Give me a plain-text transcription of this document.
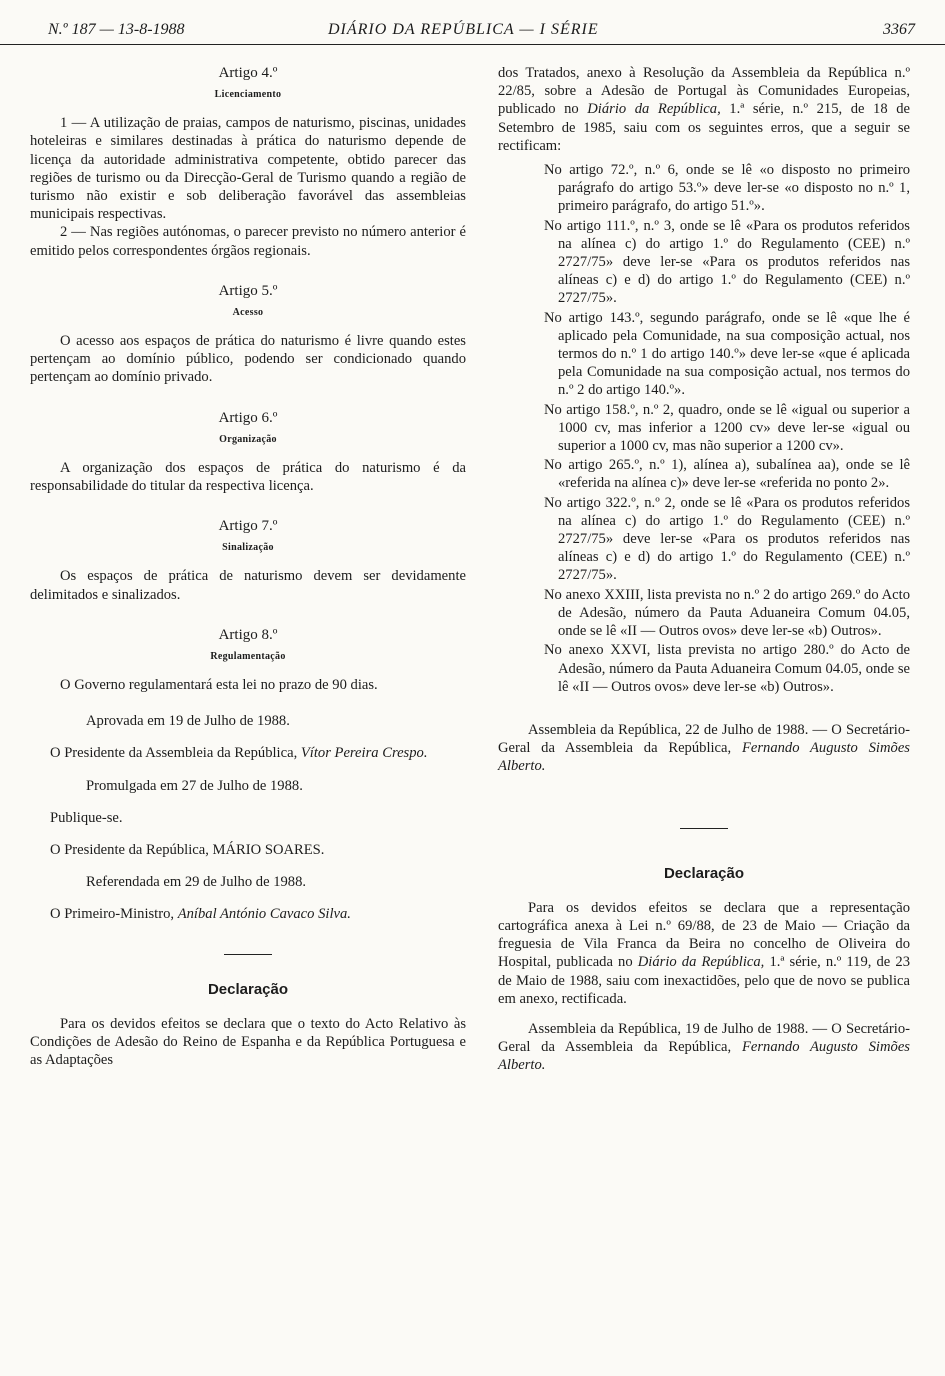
N.º 187 — 13-8-1988	DIÁRIO DA REPÚBLICA — I SÉRIE	3367
Artigo 4.º
Licenciamento

1 — A utilização de praias, campos de naturismo, piscinas, unidades hoteleiras e similares destinadas à prática do naturismo depende de licença da autoridade administrativa competente, obtido parecer das regiões de turismo ou da Direcção-Geral de Turismo quando a região de turismo não existir e sob deliberação favorável das assembleias municipais respectivas.

2 — Nas regiões autónomas, o parecer previsto no número anterior é emitido pelos correspondentes órgãos regionais.

Artigo 5.º
Acesso

O acesso aos espaços de prática do naturismo é livre quando estes pertençam ao domínio público, podendo ser condicionado quando pertençam ao domínio privado.

Artigo 6.º
Organização

A organização dos espaços de prática do naturismo é da responsabilidade do titular da respectiva licença.

Artigo 7.º
Sinalização

Os espaços de prática de naturismo devem ser devidamente delimitados e sinalizados.

Artigo 8.º
Regulamentação

O Governo regulamentará esta lei no prazo de 90 dias.

Aprovada em 19 de Julho de 1988.

O Presidente da Assembleia da República, Vítor Pereira Crespo.

Promulgada em 27 de Julho de 1988.

Publique-se.

O Presidente da República, MÁRIO SOARES.

Referendada em 29 de Julho de 1988.

O Primeiro-Ministro, Aníbal António Cavaco Silva.

Declaração

Para os devidos efeitos se declara que o texto do Acto Relativo às Condições de Adesão do Reino de Espanha e da República Portuguesa e as Adaptações

dos Tratados, anexo à Resolução da Assembleia da República n.º 22/85, sobre a Adesão de Portugal às Comunidades Europeias, publicado no Diário da República, 1.ª série, n.º 215, de 18 de Setembro de 1985, saiu com os seguintes erros, que a seguir se rectificam:

No artigo 72.º, n.º 6, onde se lê «o disposto no primeiro parágrafo do artigo 53.º» deve ler-se «o disposto no n.º 1, primeiro parágrafo, do artigo 51.º».

No artigo 111.º, n.º 3, onde se lê «Para os produtos referidos na alínea c) do artigo 1.º do Regulamento (CEE) n.º 2727/75» deve ler-se «Para os produtos referidos nas alíneas c) e d) do artigo 1.º do Regulamento (CEE) n.º 2727/75».

No artigo 143.º, segundo parágrafo, onde se lê «que lhe é aplicado pela Comunidade, na sua composição actual, nos termos do n.º 1 do artigo 140.º» deve ler-se «que é aplicada pela Comunidade na sua composição actual, nos termos do n.º 2 do artigo 140.º».

No artigo 158.º, n.º 2, quadro, onde se lê «igual ou superior a 1000 cv, mas inferior a 1200 cv» deve ler-se «igual ou superior a 1000 cv, mas não superior a 1200 cv».

No artigo 265.º, n.º 1), alínea a), subalínea aa), onde se lê «referida na alínea c)» deve ler-se «referida no ponto 2».

No artigo 322.º, n.º 2, onde se lê «Para os produtos referidos na alínea c) do artigo 1.º do Regulamento (CEE) n.º 2727/75» deve ler-se «Para os produtos referidos nas alíneas c) e d) do artigo 1.º do Regulamento (CEE) n.º 2727/75».

No anexo XXIII, lista prevista no n.º 2 do artigo 269.º do Acto de Adesão, número da Pauta Aduaneira Comum 04.05, onde se lê «II — Outros ovos» deve ler-se «b) Outros».

No anexo XXVI, lista prevista no artigo 280.º do Acto de Adesão, número da Pauta Aduaneira Comum 04.05, onde se lê «II — Outros ovos» deve ler-se «b) Outros».

Assembleia da República, 22 de Julho de 1988. — O Secretário-Geral da Assembleia da República, Fernando Augusto Simões Alberto.

Declaração

Para os devidos efeitos se declara que a representação cartográfica anexa à Lei n.º 69/88, de 23 de Maio — Criação da freguesia de Vila Franca da Beira no concelho de Oliveira do Hospital, publicada no Diário da República, 1.ª série, n.º 119, de 23 de Maio de 1988, saiu com inexactidões, pelo que de novo se publica em anexo, rectificada.

Assembleia da República, 19 de Julho de 1988. — O Secretário-Geral da Assembleia da República, Fernando Augusto Simões Alberto.
